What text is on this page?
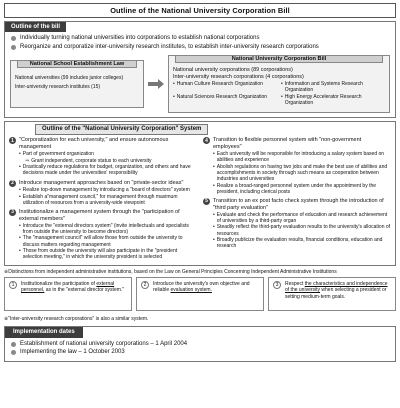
Outline of the National University Corporation Bill
Outline of the bill
Individually turning national universities into corporations to establish national corporations
Reorganize and corporatize inter-university research institutes, to establish inter-university research corporations
National School Establishment Law
National universities (99 includes junior colleges)
Inter-university research institutes (15)
National University Corporation Bill
National university corporations (89 corporations)
Inter-university research corporations (4 corporations)
• Human Culture Research Organization	• Information and Systems Research Organization
• Natural Sciences Research Organization	• High Energy Accelerator Research Organization
Outline of the "National University Corporation" System
1 "Corporatization for each university," and ensure autonomous management
• Part of government organization
⇒ Grant independent, corporate status to each university
• Drastically reduce regulations for budget, organization, and others and have decisions made under the universities' responsibility
2 Introduce management approaches based on "private-sector ideas"
• Realize top-down management by introducing a "board of directors" system
• Establish a"management council," for management through maximum utilization of resources from a university-wide viewpoint
3 Institutionalize a management system through the "participation of external members"
• Introduce the "external directors system" (invite intellectuals and specialists from outside the university to become directors)
• The "management council" will allow those from outside the university to discuss matters regarding management
• Those from outside the university will also participate in the "president selection meeting," in which the university president is selected
4 Transition to flexible personnel system with "non-government employees"
• Each university will be responsible for introducing a salary system based on abilities and experience
• Abolish regulations on having two jobs and make the best use of abilities and accomplishments in society through such means as cooperation between industries and universities
• Realize a broad-ranged personnel system under the appointment by the president, including clerical posts
5 Transition to an ex post facto check system through the introduction of "third party evaluation"
• Evaluate and check the performance of education and research achievement of universities by a third-party organ
• Steadily reflect the third-party evaluation results to the university's allocation of resources
• Broadly publicize the evaluation results, financial conditions, education and research
※Distinctions from independent administrative institutions, based on the Law on General Principles Concerning Independent Administrative Institutions
1	Institutionalize the participation of external personnel, as in the "external director system."
2	Introduce the university's own objective and reliable evaluation system.
3	Respect the characteristics and independence of the university when selecting a president or setting medium-term goals.
※"Inter-university research corporations" is also a similar system.
Implementation dates
Establishment of national university corporations – 1 April 2004
Implementing the law – 1 October 2003
